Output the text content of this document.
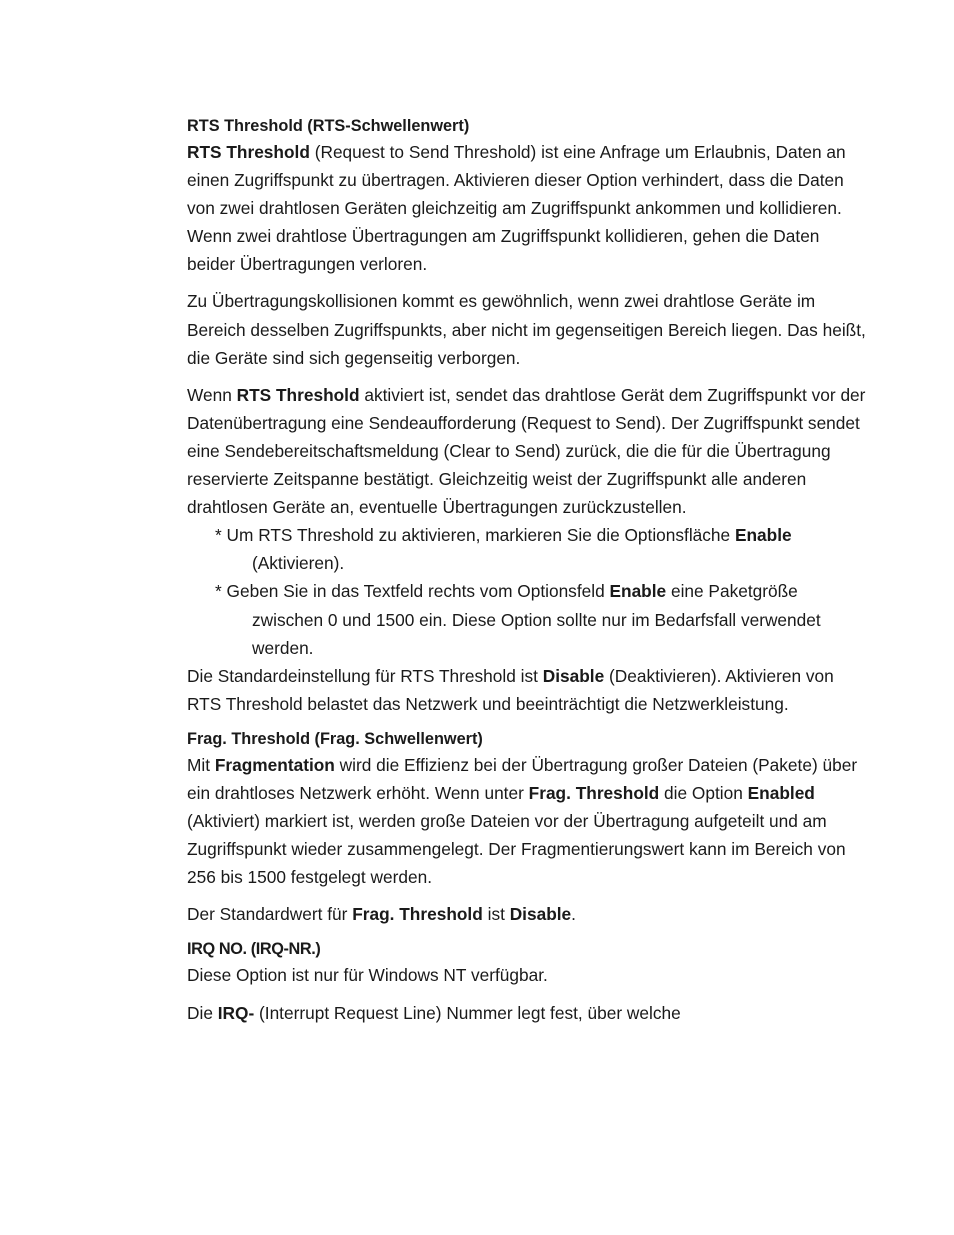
RTS Threshold (RTS-Schwellenwert)

RTS Threshold (Request to Send Threshold) ist eine Anfrage um Erlaubnis, Daten an einen Zugriffspunkt zu übertragen. Aktivieren dieser Option verhindert, dass die Daten von zwei drahtlosen Geräten gleichzeitig am Zugriffspunkt ankommen und kollidieren. Wenn zwei drahtlose Übertragungen am Zugriffspunkt kollidieren, gehen die Daten beider Übertragungen verloren.

Zu Übertragungskollisionen kommt es gewöhnlich, wenn zwei drahtlose Geräte im Bereich desselben Zugriffspunkts, aber nicht im gegenseitigen Bereich liegen. Das heißt, die Geräte sind sich gegenseitig verborgen.

Wenn RTS Threshold aktiviert ist, sendet das drahtlose Gerät dem Zugriffspunkt vor der Datenübertragung eine Sendeaufforderung (Request to Send). Der Zugriffspunkt sendet eine Sendebereitschaftsmeldung (Clear to Send) zurück, die die für die Übertragung reservierte Zeitspanne bestätigt. Gleichzeitig weist der Zugriffspunkt alle anderen drahtlosen Geräte an, eventuelle Übertragungen zurückzustellen.

* Um RTS Threshold zu aktivieren, markieren Sie die Optionsfläche Enable (Aktivieren).
* Geben Sie in das Textfeld rechts vom Optionsfeld Enable eine Paketgröße zwischen 0 und 1500 ein. Diese Option sollte nur im Bedarfsfall verwendet werden.

Die Standardeinstellung für RTS Threshold ist Disable (Deaktivieren). Aktivieren von RTS Threshold belastet das Netzwerk und beeinträchtigt die Netzwerkleistung.

Frag. Threshold (Frag. Schwellenwert)

Mit Fragmentation wird die Effizienz bei der Übertragung großer Dateien (Pakete) über ein drahtloses Netzwerk erhöht. Wenn unter Frag. Threshold die Option Enabled (Aktiviert) markiert ist, werden große Dateien vor der Übertragung aufgeteilt und am Zugriffspunkt wieder zusammengelegt. Der Fragmentierungswert kann im Bereich von 256 bis 1500 festgelegt werden.

Der Standardwert für Frag. Threshold ist Disable.

IRQ NO. (IRQ-NR.)

Diese Option ist nur für Windows NT verfügbar.

Die IRQ- (Interrupt Request Line) Nummer legt fest, über welche
